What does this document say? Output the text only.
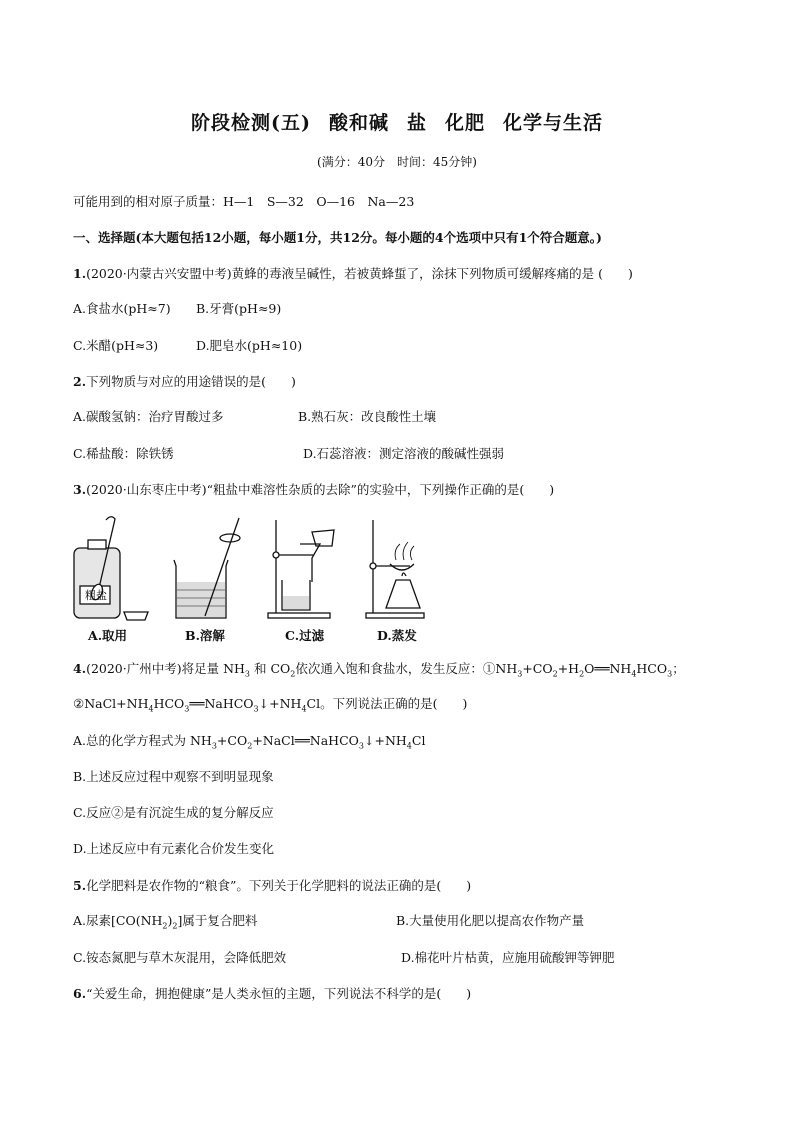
阶段检测(五) 酸和碱 盐 化肥 化学与生活
(满分：40分　时间：45分钟)
可能用到的相对原子质量：H—1　S—32　O—16　Na—23
一、选择题(本大题包括12小题，每小题1分，共12分。每小题的4个选项中只有1个符合题意。)
1.(2020·内蒙古兴安盟中考)黄蜂的毒液呈碱性，若被黄蜂蜇了，涂抹下列物质可缓解疼痛的是 (　　)
A.食盐水(pH≈7) B.牙膏(pH≈9)
C.米醋(pH≈3)	D.肥皂水(pH≈10)
2.下列物质与对应的用途错误的是(　　)
A.碳酸氢钠：治疗胃酸过多	B.熟石灰：改良酸性土壤
C.稀盐酸：除铁锈	D.石蕊溶液：测定溶液的酸碱性强弱
3.(2020·山东枣庄中考)“粗盐中难溶性杂质的去除”的实验中，下列操作正确的是(　　)
粗盐
A.取用	B.溶解	C.过滤	D.蒸发
4.(2020·广州中考)将足量 $NH_3$ 和 $CO_2$依次通入饱和食盐水，发生反应：$①NH_3+CO_2+H_2O══NH_4HCO_3$；
$②NaCl+NH_4HCO_3══NaHCO_3↓+NH_4Cl$。下列说法正确的是(　　)
A.总的化学方程式为 $NH_3+CO_2+NaCl══NaHCO_3↓+NH_4Cl$
B.上述反应过程中观察不到明显现象
C.反应②是有沉淀生成的复分解反应
D.上述反应中有元素化合价发生变化
5.化学肥料是农作物的“粮食”。下列关于化学肥料的说法正确的是(　　)
A.尿素$[CO(NH_2)_2]$属于复合肥料	B.大量使用化肥以提高农作物产量
C.铵态氮肥与草木灰混用，会降低肥效	D.棉花叶片枯黄，应施用硫酸钾等钾肥
6.“关爱生命，拥抱健康”是人类永恒的主题，下列说法不科学的是(　　)
